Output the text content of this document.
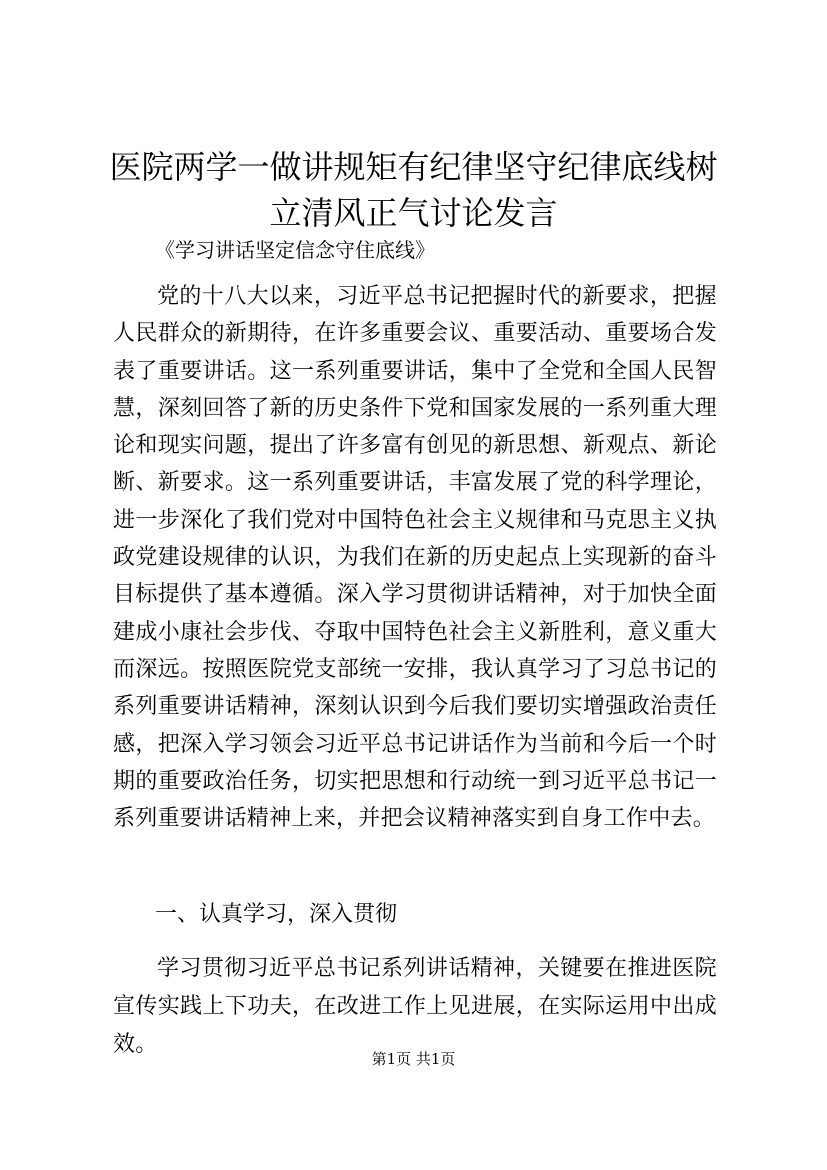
医院两学一做讲规矩有纪律坚守纪律底线树立清风正气讨论发言
《学习讲话坚定信念守住底线》

党的十八大以来，习近平总书记把握时代的新要求，把握人民群众的新期待，在许多重要会议、重要活动、重要场合发表了重要讲话。这一系列重要讲话，集中了全党和全国人民智慧，深刻回答了新的历史条件下党和国家发展的一系列重大理论和现实问题，提出了许多富有创见的新思想、新观点、新论断、新要求。这一系列重要讲话，丰富发展了党的科学理论，进一步深化了我们党对中国特色社会主义规律和马克思主义执政党建设规律的认识，为我们在新的历史起点上实现新的奋斗目标提供了基本遵循。深入学习贯彻讲话精神，对于加快全面建成小康社会步伐、夺取中国特色社会主义新胜利，意义重大而深远。按照医院党支部统一安排，我认真学习了习总书记的系列重要讲话精神，深刻认识到今后我们要切实增强政治责任感，把深入学习领会习近平总书记讲话作为当前和今后一个时期的重要政治任务，切实把思想和行动统一到习近平总书记一系列重要讲话精神上来，并把会议精神落实到自身工作中去。

一、认真学习，深入贯彻

学习贯彻习近平总书记系列讲话精神，关键要在推进医院宣传实践上下功夫，在改进工作上见进展，在实际运用中出成效。

第1页 共1页
